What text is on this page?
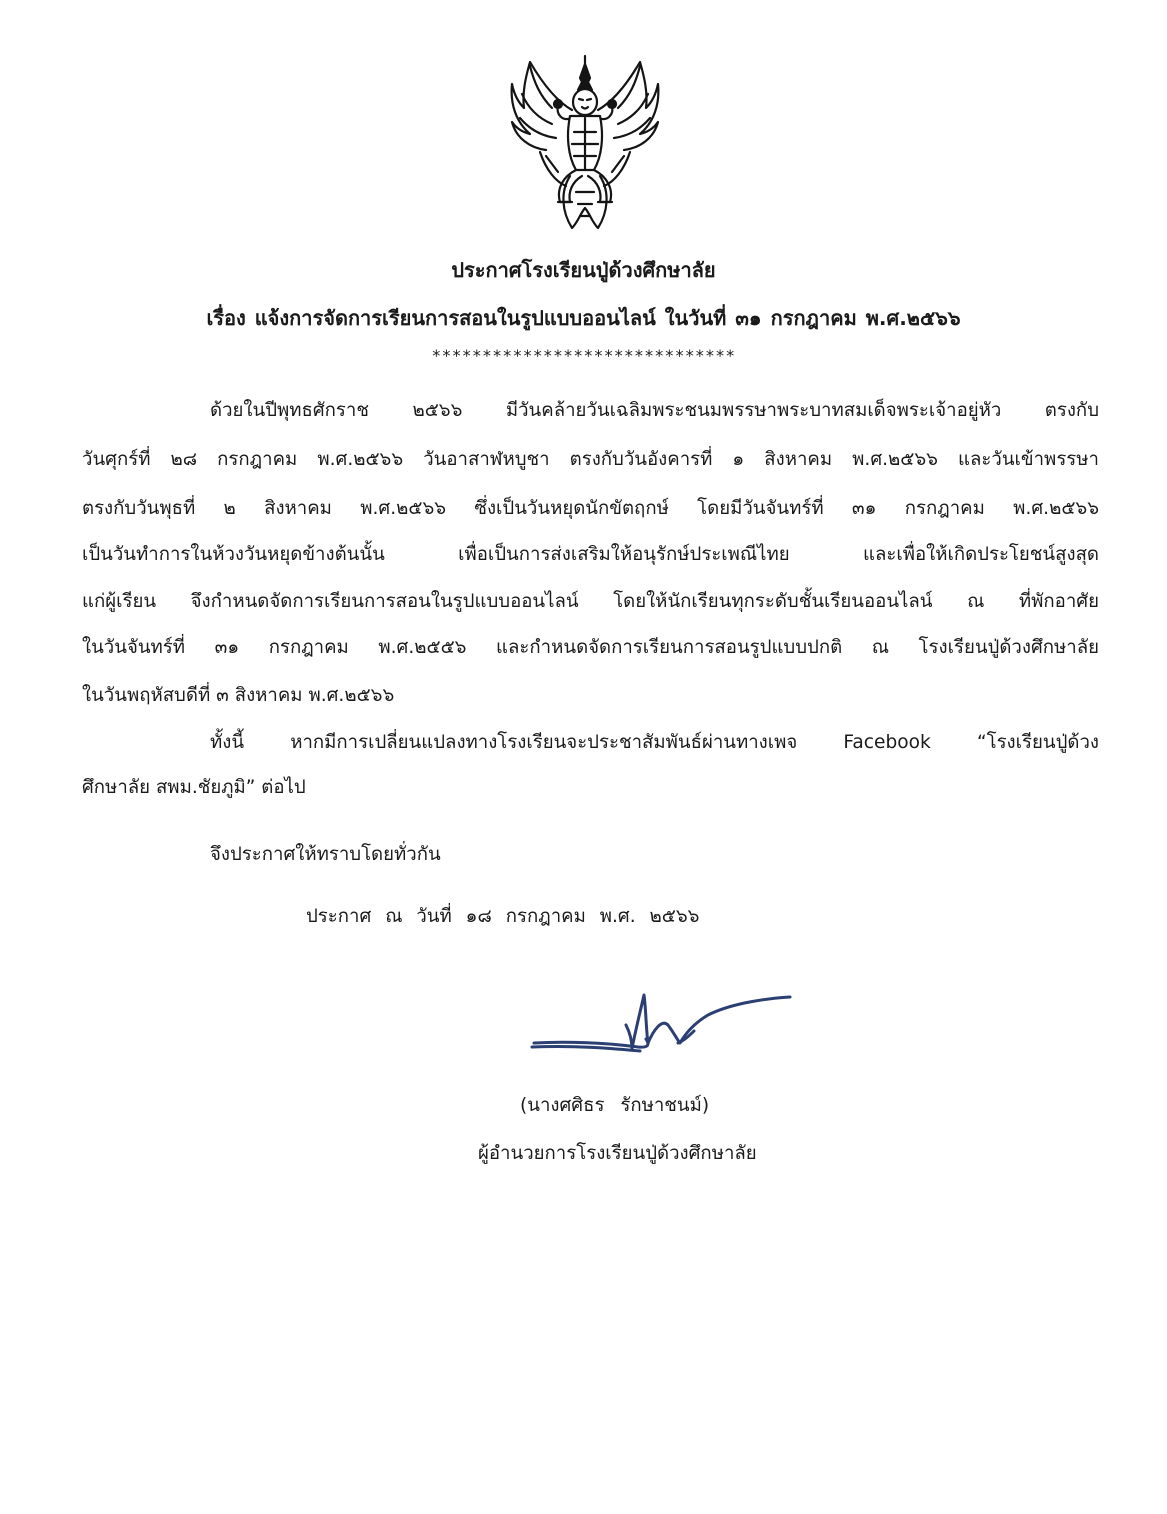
ประกาศโรงเรียนปู่ด้วงศึกษาลัย
เรื่อง แจ้งการจัดการเรียนการสอนในรูปแบบออนไลน์ ในวันที่ ๓๑ กรกฎาคม พ.ศ.๒๕๖๖
******************************
ด้วยในปีพุทธศักราช ๒๕๖๖ มีวันคล้ายวันเฉลิมพระชนมพรรษาพระบาทสมเด็จพระเจ้าอยู่หัว ตรงกับ
วันศุกร์ที่ ๒๘ กรกฎาคม พ.ศ.๒๕๖๖ วันอาสาฬหบูชา ตรงกับวันอังคารที่ ๑ สิงหาคม พ.ศ.๒๕๖๖ และวันเข้าพรรษา
ตรงกับวันพุธที่ ๒ สิงหาคม พ.ศ.๒๕๖๖ ซึ่งเป็นวันหยุดนักขัตฤกษ์ โดยมีวันจันทร์ที่ ๓๑ กรกฎาคม พ.ศ.๒๕๖๖
เป็นวันทำการในห้วงวันหยุดข้างต้นนั้น เพื่อเป็นการส่งเสริมให้อนุรักษ์ประเพณีไทย และเพื่อให้เกิดประโยชน์สูงสุด
แก่ผู้เรียน จึงกำหนดจัดการเรียนการสอนในรูปแบบออนไลน์ โดยให้นักเรียนทุกระดับชั้นเรียนออนไลน์ ณ ที่พักอาศัย
ในวันจันทร์ที่ ๓๑ กรกฎาคม พ.ศ.๒๕๕๖ และกำหนดจัดการเรียนการสอนรูปแบบปกติ ณ โรงเรียนปู่ด้วงศึกษาลัย
ในวันพฤหัสบดีที่ ๓ สิงหาคม พ.ศ.๒๕๖๖
ทั้งนี้ หากมีการเปลี่ยนแปลงทางโรงเรียนจะประชาสัมพันธ์ผ่านทางเพจ Facebook “โรงเรียนปู่ด้วง
ศึกษาลัย สพม.ชัยภูมิ” ต่อไป
จึงประกาศให้ทราบโดยทั่วกัน
ประกาศ ณ วันที่ ๑๘ กรกฎาคม พ.ศ. ๒๕๖๖
(นางศศิธร รักษาชนม์)
ผู้อำนวยการโรงเรียนปู่ด้วงศึกษาลัย
